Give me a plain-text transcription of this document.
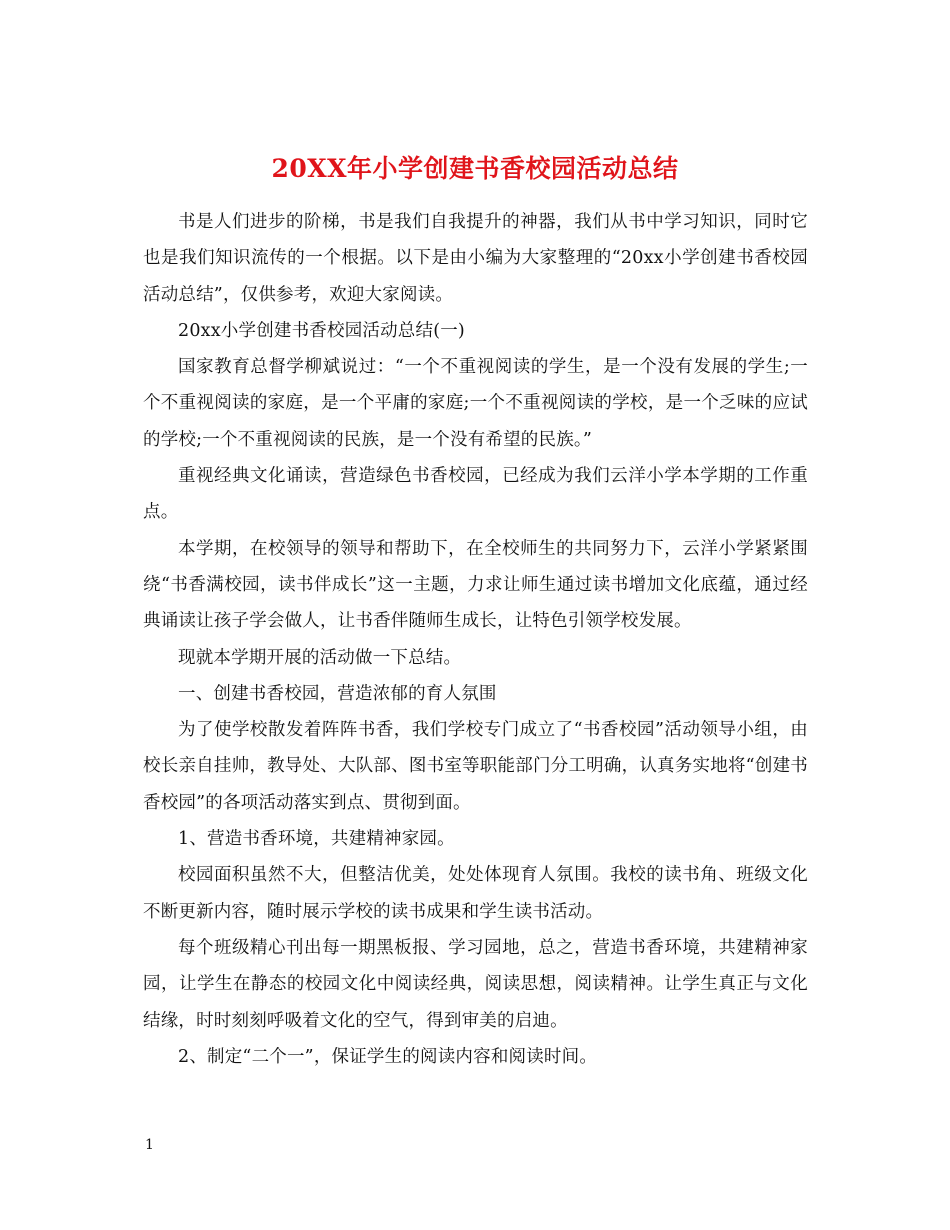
20XX年小学创建书香校园活动总结

书是人们进步的阶梯，书是我们自我提升的神器，我们从书中学习知识，同时它也是我们知识流传的一个根据。以下是由小编为大家整理的“20xx小学创建书香校园活动总结”，仅供参考，欢迎大家阅读。

20xx小学创建书香校园活动总结(一)

国家教育总督学柳斌说过：“一个不重视阅读的学生，是一个没有发展的学生;一个不重视阅读的家庭，是一个平庸的家庭;一个不重视阅读的学校，是一个乏味的应试的学校;一个不重视阅读的民族，是一个没有希望的民族。”

重视经典文化诵读，营造绿色书香校园，已经成为我们云洋小学本学期的工作重点。

本学期，在校领导的领导和帮助下，在全校师生的共同努力下，云洋小学紧紧围绕“书香满校园，读书伴成长”这一主题，力求让师生通过读书增加文化底蕴，通过经典诵读让孩子学会做人，让书香伴随师生成长，让特色引领学校发展。

现就本学期开展的活动做一下总结。

一、创建书香校园，营造浓郁的育人氛围

为了使学校散发着阵阵书香，我们学校专门成立了“书香校园”活动领导小组，由校长亲自挂帅，教导处、大队部、图书室等职能部门分工明确，认真务实地将“创建书香校园”的各项活动落实到点、贯彻到面。

1、营造书香环境，共建精神家园。

校园面积虽然不大，但整洁优美，处处体现育人氛围。我校的读书角、班级文化不断更新内容，随时展示学校的读书成果和学生读书活动。

每个班级精心刊出每一期黑板报、学习园地，总之，营造书香环境，共建精神家园，让学生在静态的校园文化中阅读经典，阅读思想，阅读精神。让学生真正与文化结缘，时时刻刻呼吸着文化的空气，得到审美的启迪。

2、制定“二个一”，保证学生的阅读内容和阅读时间。

1
